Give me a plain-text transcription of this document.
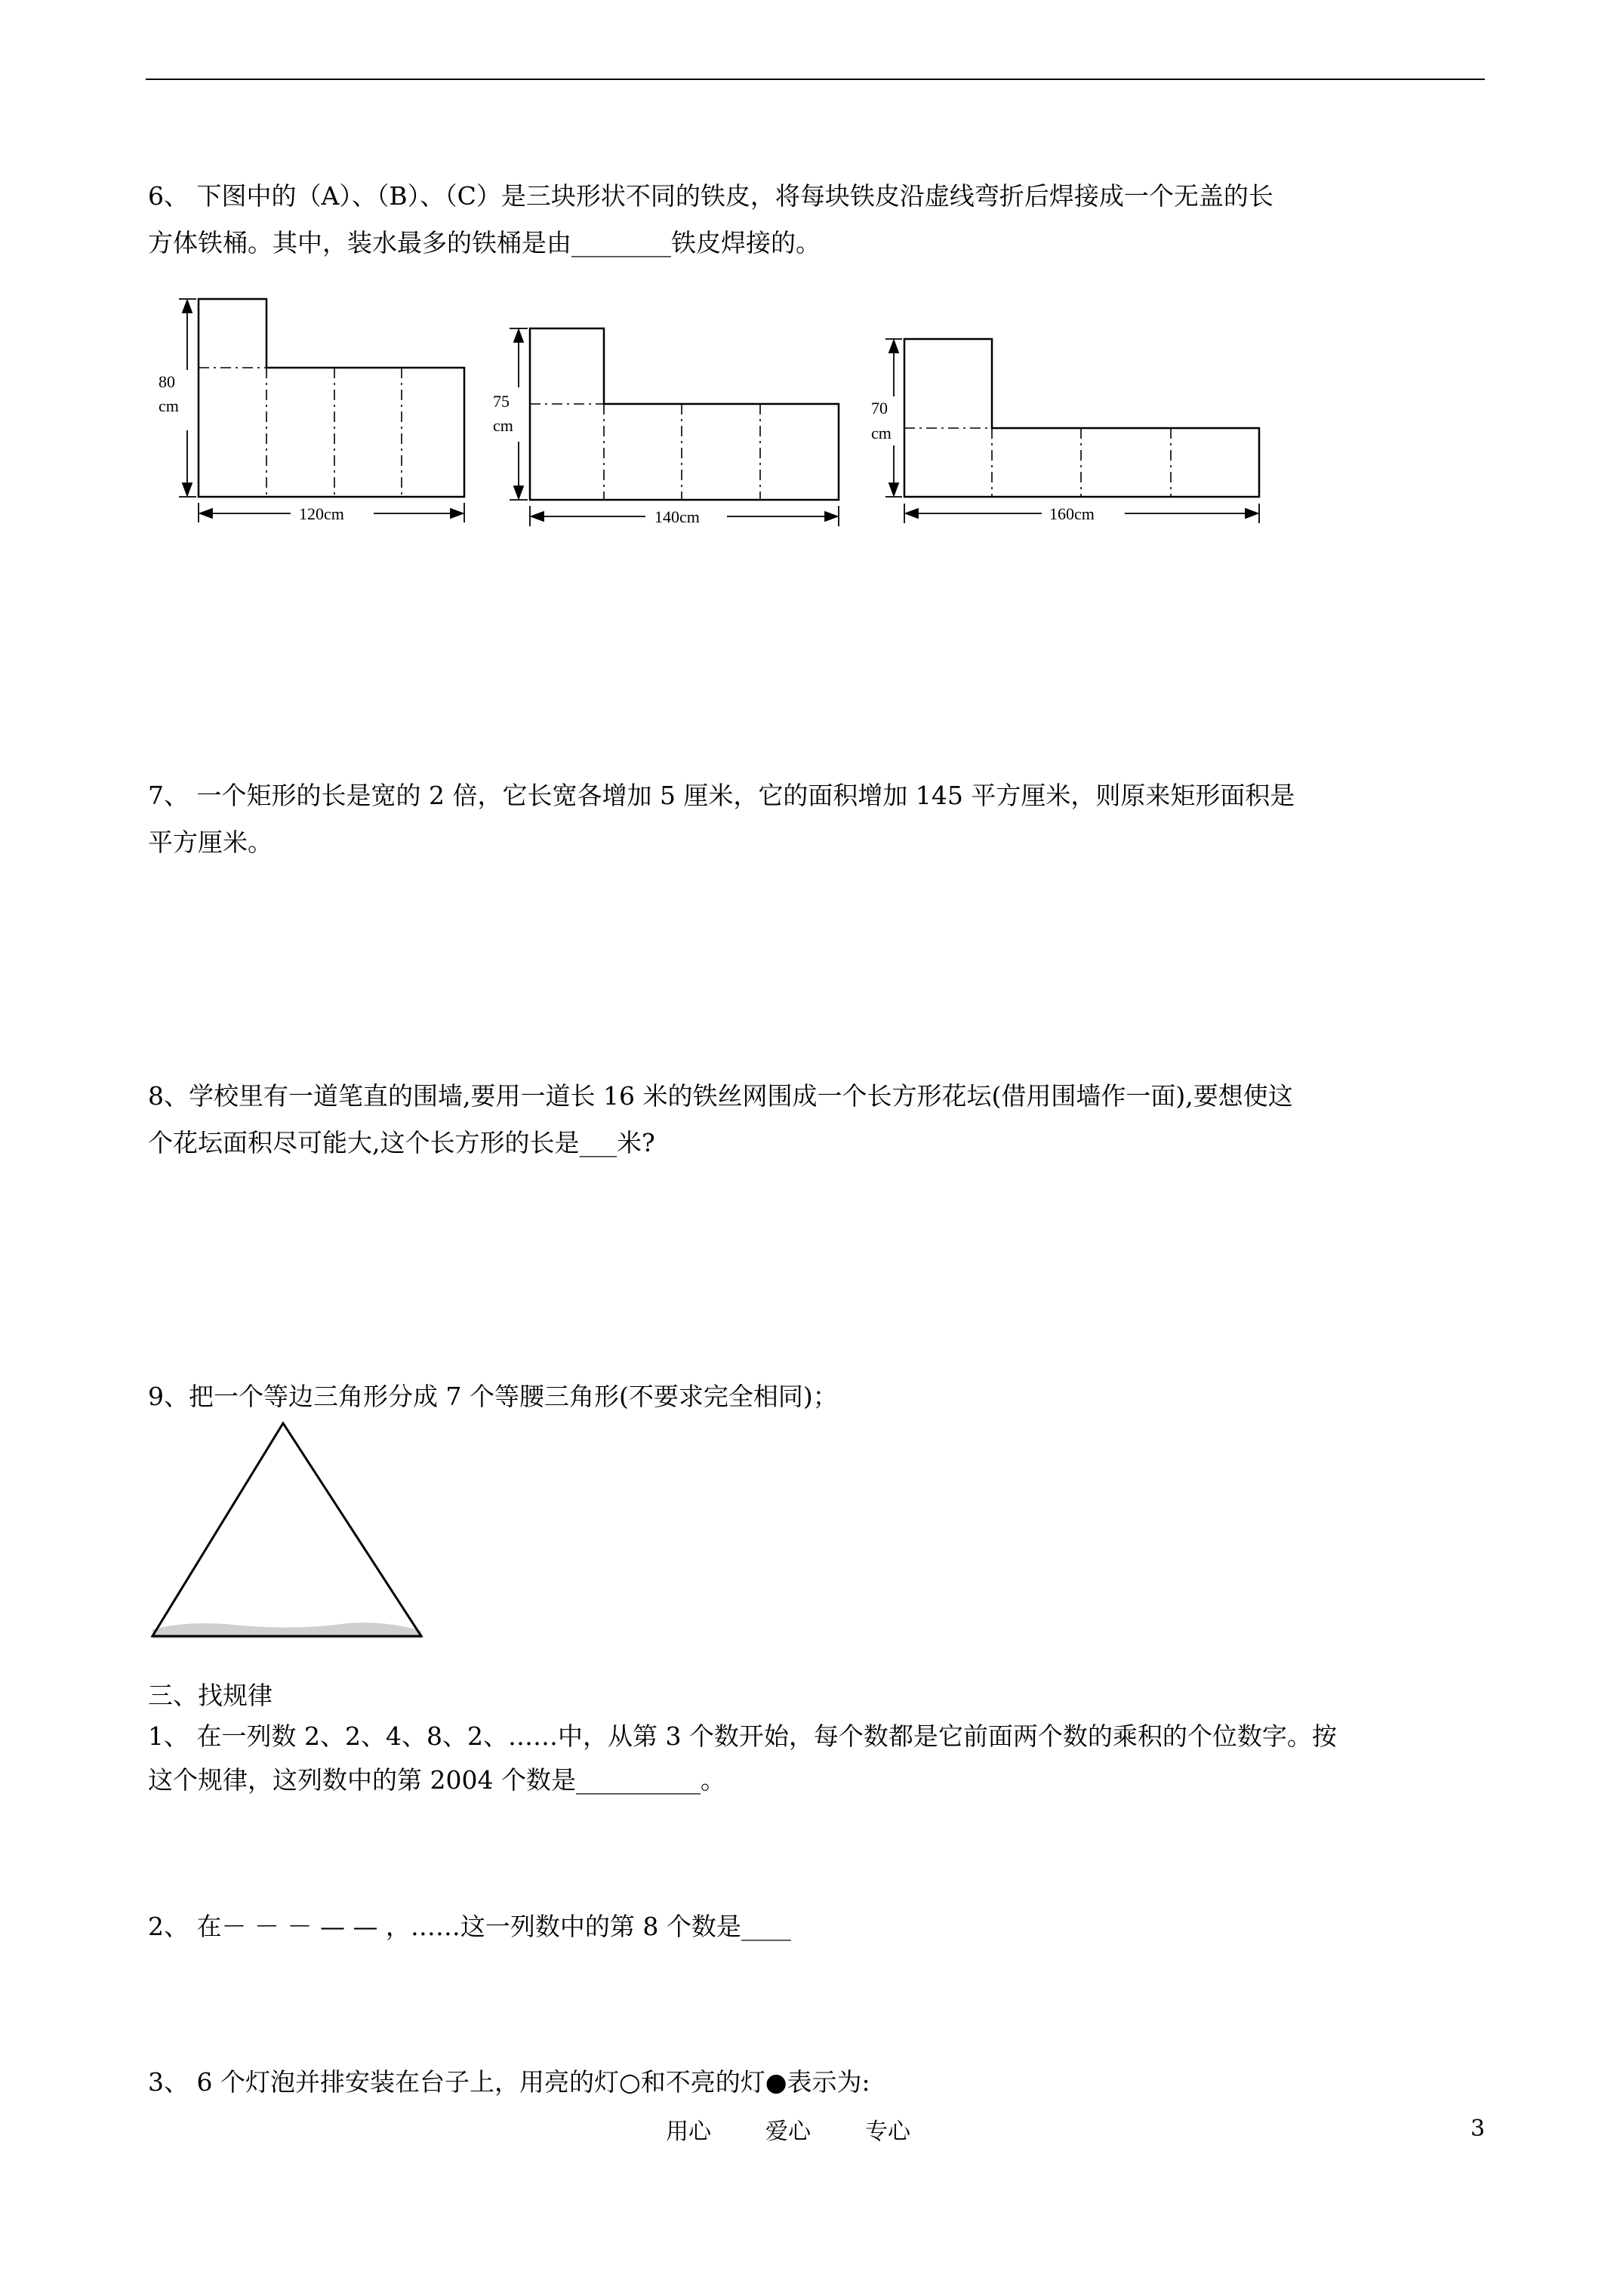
6、 下图中的（A）、（B）、（C）是三块形状不同的铁皮，将每块铁皮沿虚线弯折后焊接成一个无盖的长
方体铁桶。其中，装水最多的铁桶是由________铁皮焊接的。
80
cm
120cm
75
cm
140cm
70
cm
160cm
7、 一个矩形的长是宽的 2 倍，它长宽各增加 5 厘米，它的面积增加 145 平方厘米，则原来矩形面积是
平方厘米。
8、学校里有一道笔直的围墙,要用一道长 16 米的铁丝网围成一个长方形花坛(借用围墙作一面),要想使这
个花坛面积尽可能大,这个长方形的长是___米?
9、把一个等边三角形分成 7 个等腰三角形(不要求完全相同)；
三、找规律
1、 在一列数 2、2、4、8、2、……中，从第 3 个数开始，每个数都是它前面两个数的乘积的个位数字。按
这个规律，这列数中的第 2004 个数是__________。
2、 在－ － － — — ，……这一列数中的第 8 个数是____
3、 6 个灯泡并排安装在台子上，用亮的灯○和不亮的灯●表示为:
用心 爱心 专心	3
